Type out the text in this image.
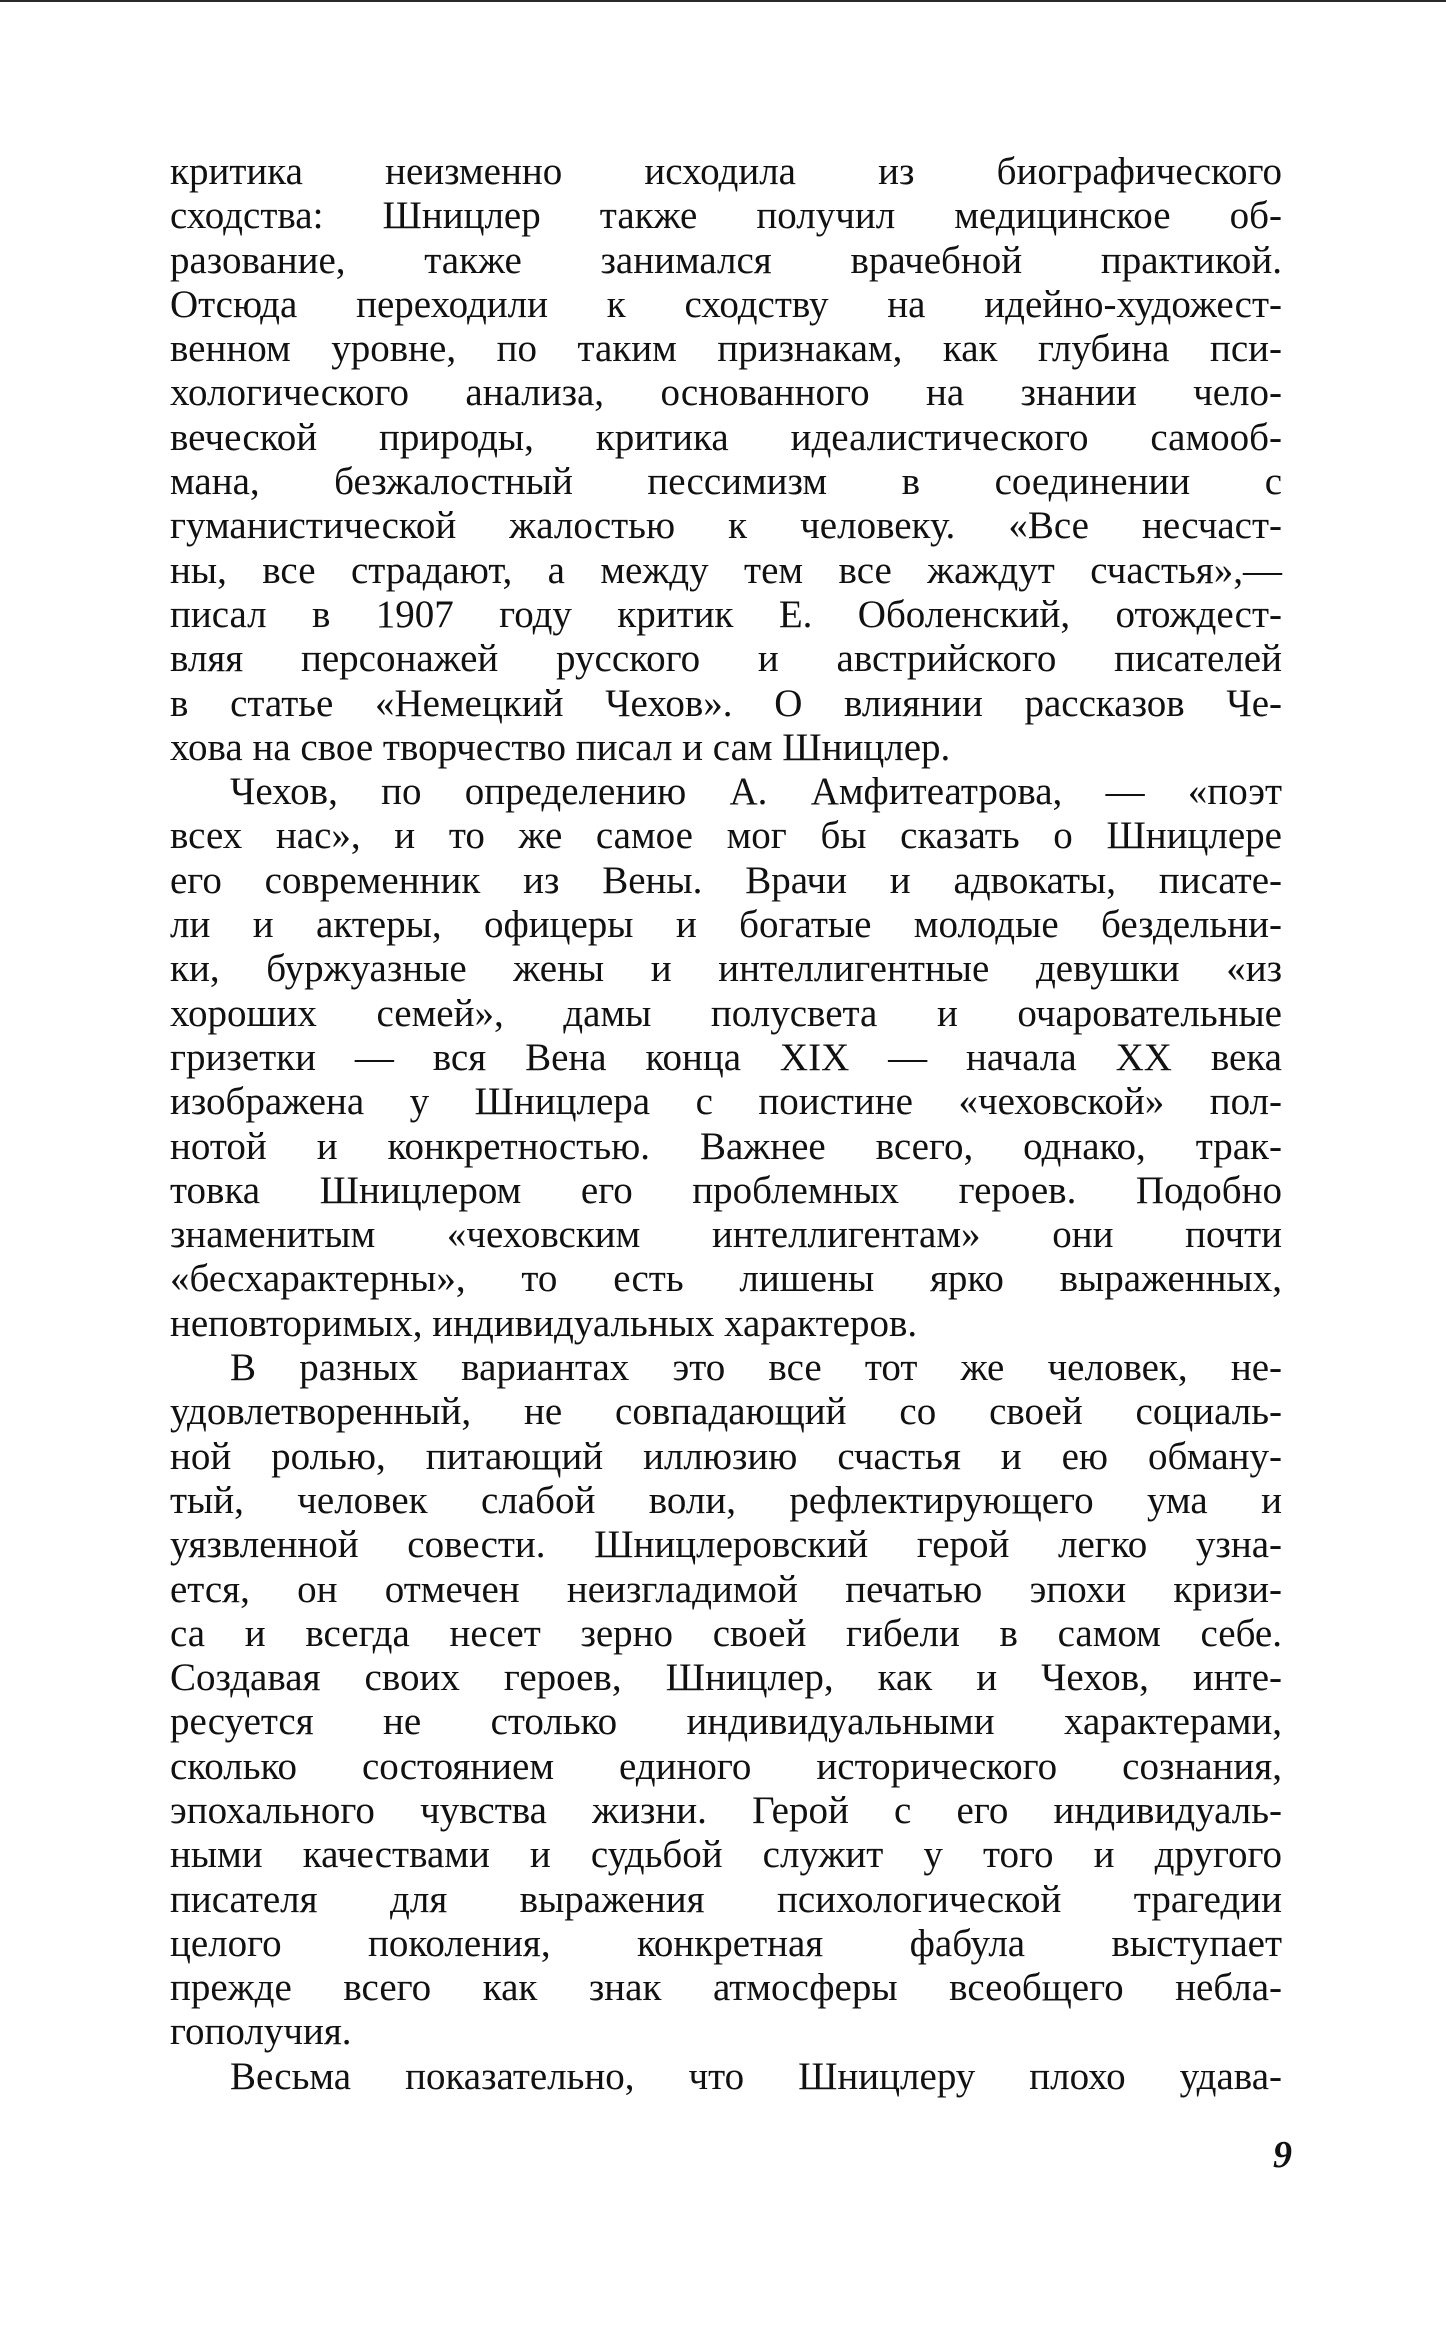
критика неизменно исходила из биографического
сходства: Шницлер также получил медицинское об-
разование, также занимался врачебной практикой.
Отсюда переходили к сходству на идейно-художест-
венном уровне, по таким признакам, как глубина пси-
хологического анализа, основанного на знании чело-
веческой природы, критика идеалистического самооб-
мана, безжалостный пессимизм в соединении с
гуманистической жалостью к человеку. «Все несчаст-
ны, все страдают, а между тем все жаждут счастья»,—
писал в 1907 году критик Е. Оболенский, отождест-
вляя персонажей русского и австрийского писателей
в статье «Немецкий Чехов». О влиянии рассказов Че-
хова на свое творчество писал и сам Шницлер.
Чехов, по определению А. Амфитеатрова, — «поэт
всех нас», и то же самое мог бы сказать о Шницлере
его современник из Вены. Врачи и адвокаты, писате-
ли и актеры, офицеры и богатые молодые бездельни-
ки, буржуазные жены и интеллигентные девушки «из
хороших семей», дамы полусвета и очаровательные
гризетки — вся Вена конца XIX — начала XX века
изображена у Шницлера с поистине «чеховской» пол-
нотой и конкретностью. Важнее всего, однако, трак-
товка Шницлером его проблемных героев. Подобно
знаменитым «чеховским интеллигентам» они почти
«бесхарактерны», то есть лишены ярко выраженных,
неповторимых, индивидуальных характеров.
В разных вариантах это все тот же человек, не-
удовлетворенный, не совпадающий со своей социаль-
ной ролью, питающий иллюзию счастья и ею обману-
тый, человек слабой воли, рефлектирующего ума и
уязвленной совести. Шницлеровский герой легко узна-
ется, он отмечен неизгладимой печатью эпохи кризи-
са и всегда несет зерно своей гибели в самом себе.
Создавая своих героев, Шницлер, как и Чехов, инте-
ресуется не столько индивидуальными характерами,
сколько состоянием единого исторического сознания,
эпохального чувства жизни. Герой с его индивидуаль-
ными качествами и судьбой служит у того и другого
писателя для выражения психологической трагедии
целого поколения, конкретная фабула выступает
прежде всего как знак атмосферы всеобщего небла-
гополучия.
Весьма показательно, что Шницлеру плохо удава-
9
